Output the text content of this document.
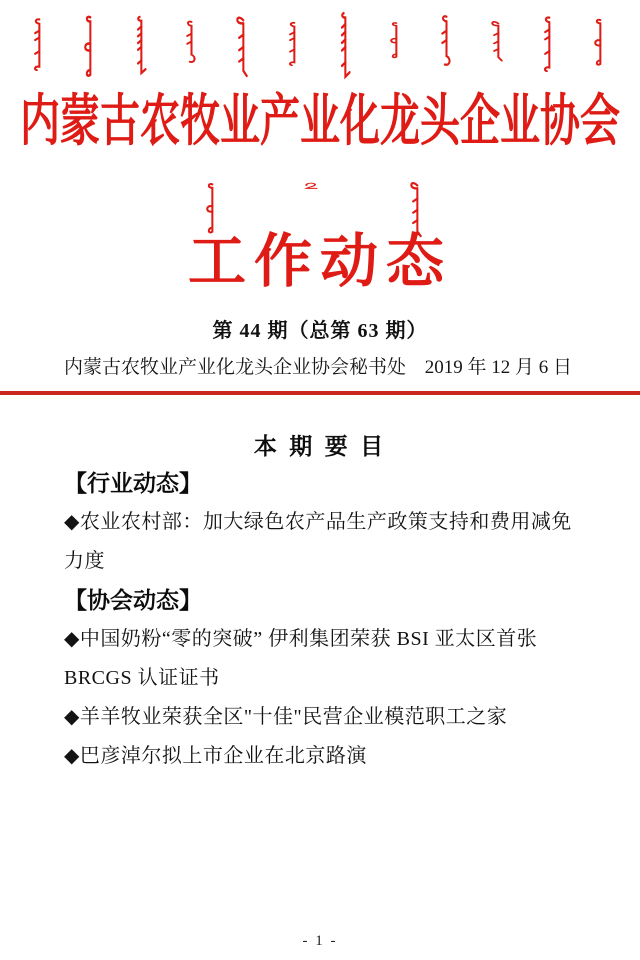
内蒙古农牧业产业化龙头企业协会
工作动态
第 44 期（总第 63 期）
内蒙古农牧业产业化龙头企业协会秘书处 2019 年 12 月 6 日
本 期 要 目
【行业动态】
◆农业农村部：加大绿色农产品生产政策支持和费用减免力度
【协会动态】
◆中国奶粉“零的突破” 伊利集团荣获 BSI 亚太区首张 BRCGS 认证证书
◆羊羊牧业荣获全区"十佳"民营企业模范职工之家
◆巴彦淖尔拟上市企业在北京路演
- 1 -
